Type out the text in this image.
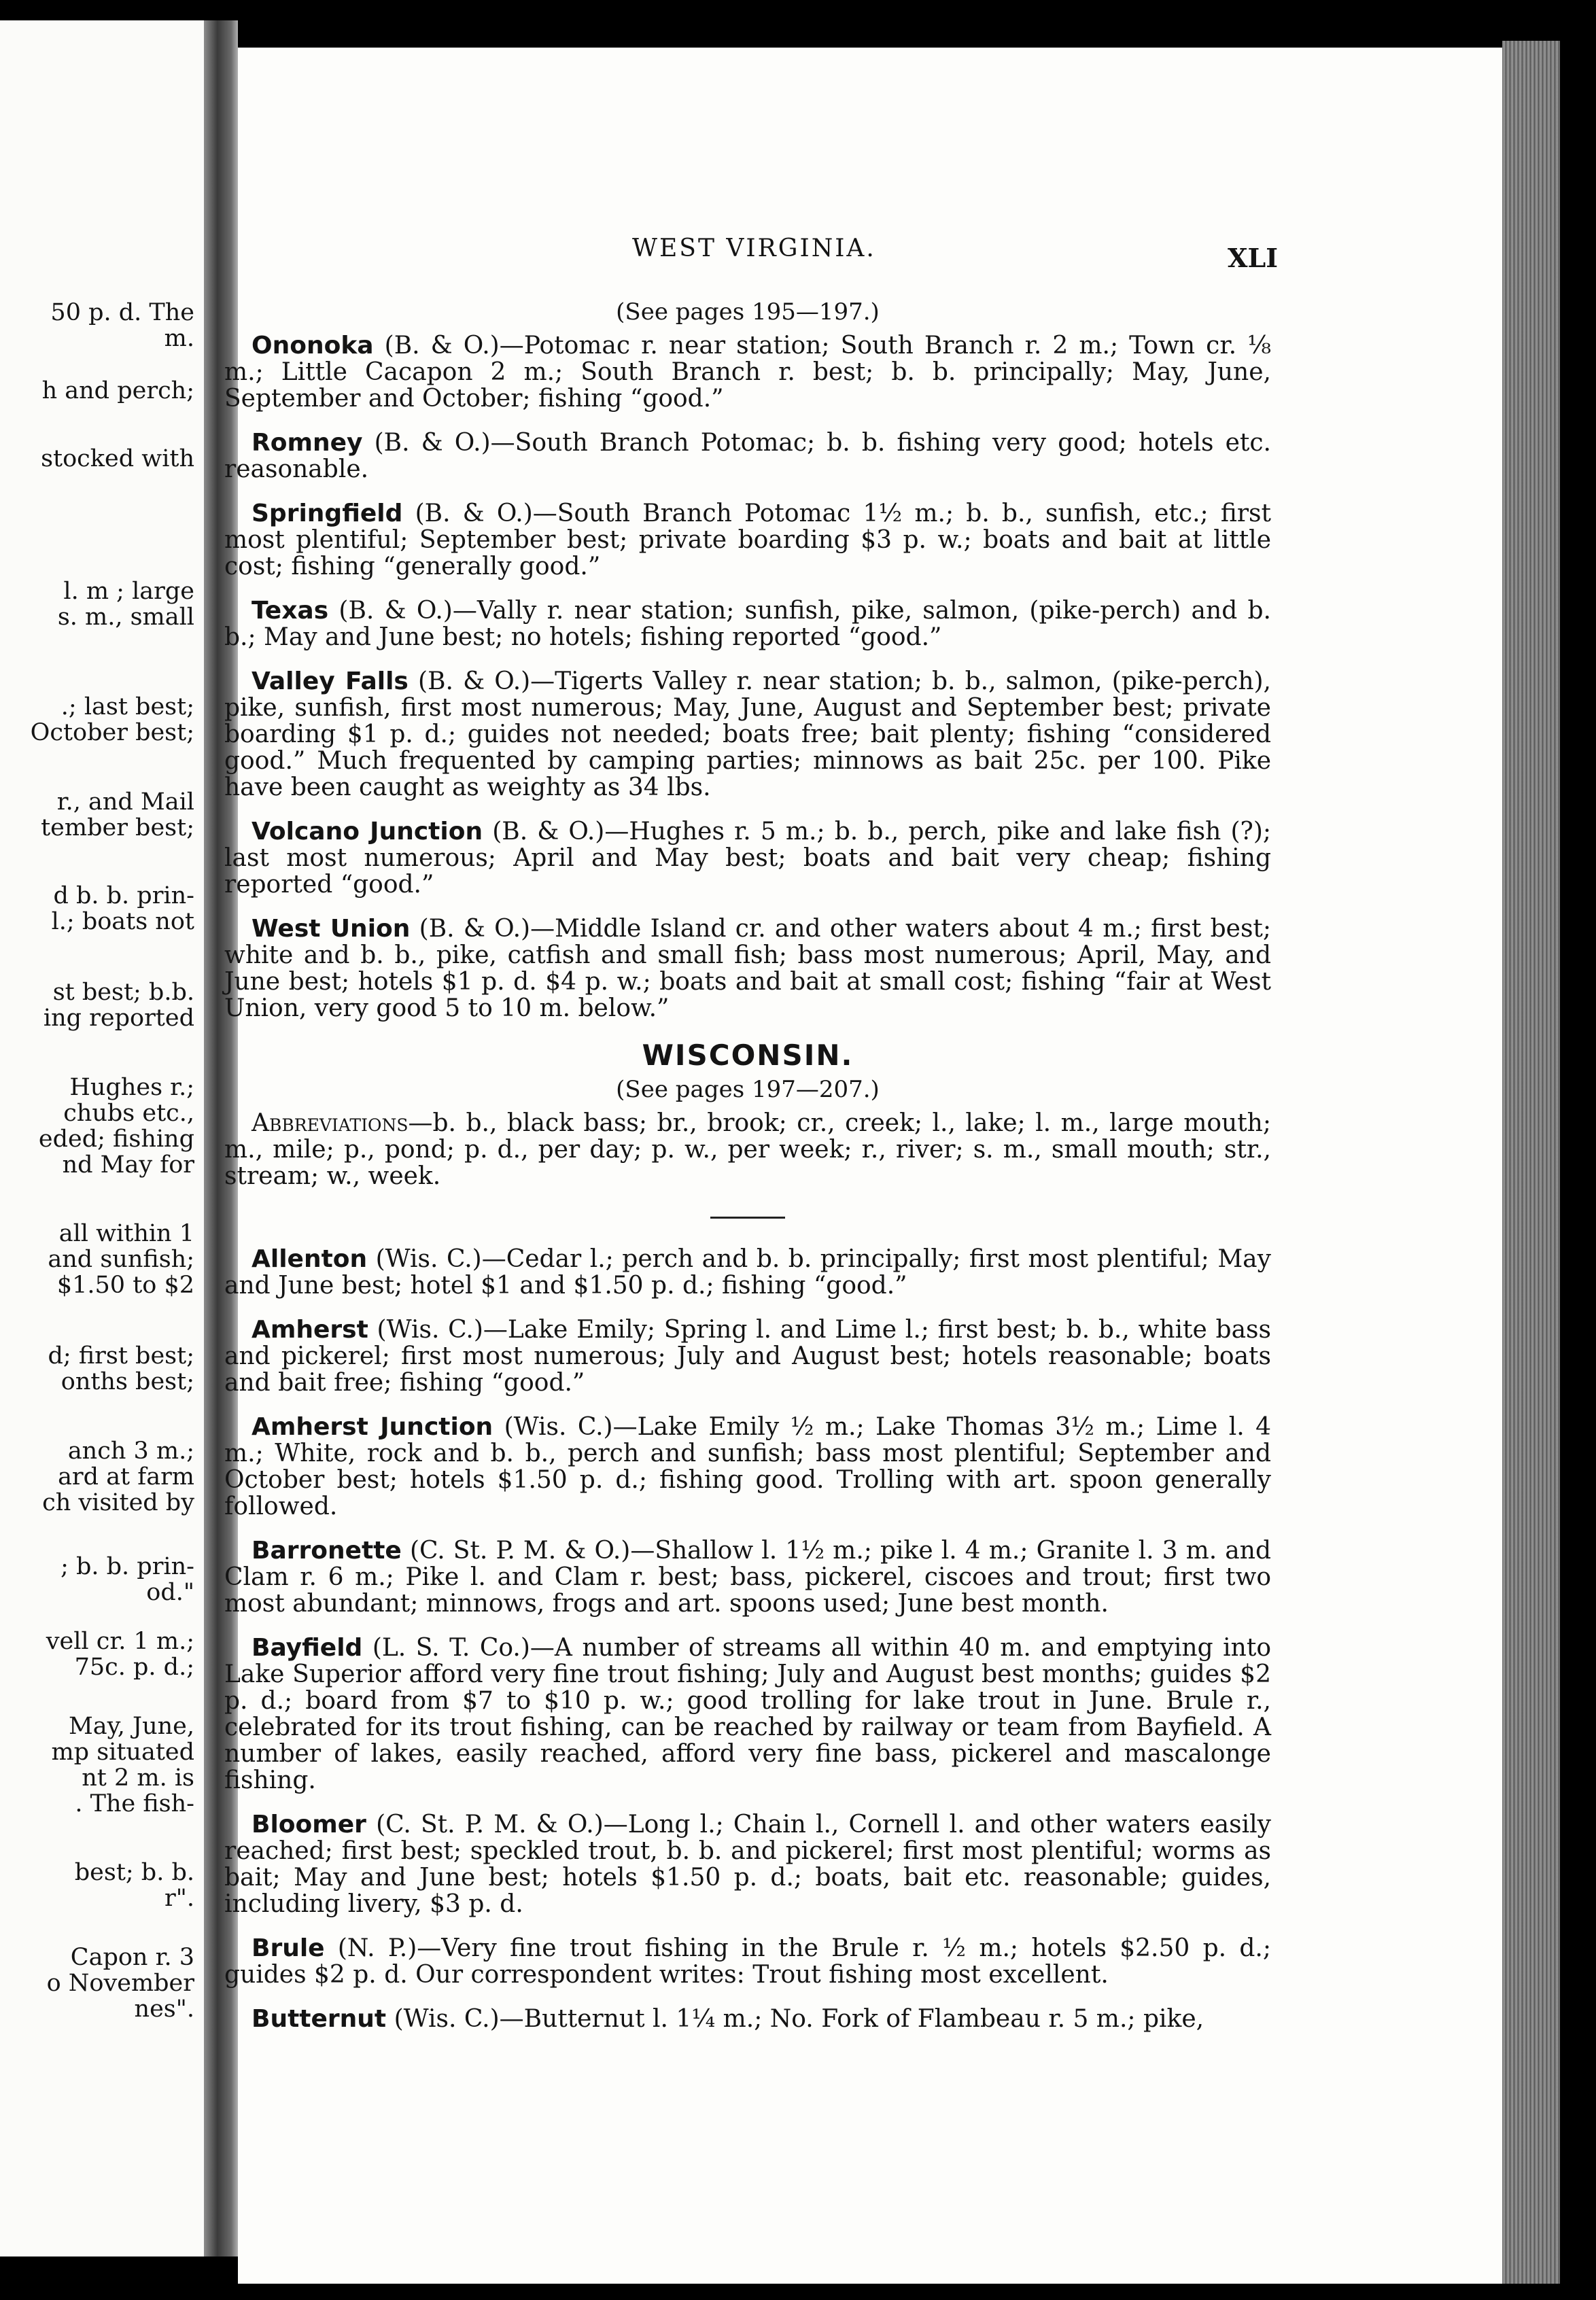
50 p. d. The
m.
h and perch;
stocked with
l. m ; large
s. m., small
.; last best;
October best;
r., and Mail
tember best;
d b. b. prin-
l.; boats not
st best; b.b.
ing reported
Hughes r.;
chubs etc.,
eded; fishing
nd May for
all within 1
and sunfish;
$1.50 to $2
d; first best;
onths best;
anch 3 m.;
ard at farm
ch visited by
; b. b. prin-
od."
vell cr. 1 m.;
75c. p. d.;
May, June,
mp situated
nt 2 m. is
. The fish-
best; b. b.
r".
Capon r. 3
o November
nes".
WEST VIRGINIA.	XLI
(See pages 195—197.)
Ononoka (B. & O.)—Potomac r. near station; South Branch r. 2 m.; Town cr. ⅛ m.; Little Cacapon 2 m.; South Branch r. best; b. b. principally; May, June, September and October; fishing “good.”
Romney (B. & O.)—South Branch Potomac; b. b. fishing very good; hotels etc. reasonable.
Springfield (B. & O.)—South Branch Potomac 1½ m.; b. b., sunfish, etc.; first most plentiful; September best; private boarding $3 p. w.; boats and bait at little cost; fishing “generally good.”
Texas (B. & O.)—Vally r. near station; sunfish, pike, salmon, (pike-perch) and b. b.; May and June best; no hotels; fishing reported “good.”
Valley Falls (B. & O.)—Tigerts Valley r. near station; b. b., salmon, (pike-perch), pike, sunfish, first most numerous; May, June, August and September best; private boarding $1 p. d.; guides not needed; boats free; bait plenty; fishing “considered good.” Much frequented by camping parties; minnows as bait 25c. per 100. Pike have been caught as weighty as 34 lbs.
Volcano Junction (B. & O.)—Hughes r. 5 m.; b. b., perch, pike and lake fish (?); last most numerous; April and May best; boats and bait very cheap; fishing reported “good.”
West Union (B. & O.)—Middle Island cr. and other waters about 4 m.; first best; white and b. b., pike, catfish and small fish; bass most numerous; April, May, and June best; hotels $1 p. d. $4 p. w.; boats and bait at small cost; fishing “fair at West Union, very good 5 to 10 m. below.”
WISCONSIN.
(See pages 197—207.)
Abbreviations—b. b., black bass; br., brook; cr., creek; l., lake; l. m., large mouth; m., mile; p., pond; p. d., per day; p. w., per week; r., river; s. m., small mouth; str., stream; w., week.
Allenton (Wis. C.)—Cedar l.; perch and b. b. principally; first most plentiful; May and June best; hotel $1 and $1.50 p. d.; fishing “good.”
Amherst (Wis. C.)—Lake Emily; Spring l. and Lime l.; first best; b. b., white bass and pickerel; first most numerous; July and August best; hotels reasonable; boats and bait free; fishing “good.”
Amherst Junction (Wis. C.)—Lake Emily ½ m.; Lake Thomas 3½ m.; Lime l. 4 m.; White, rock and b. b., perch and sunfish; bass most plentiful; September and October best; hotels $1.50 p. d.; fishing good. Trolling with art. spoon generally followed.
Barronette (C. St. P. M. & O.)—Shallow l. 1½ m.; pike l. 4 m.; Granite l. 3 m. and Clam r. 6 m.; Pike l. and Clam r. best; bass, pickerel, ciscoes and trout; first two most abundant; minnows, frogs and art. spoons used; June best month.
Bayfield (L. S. T. Co.)—A number of streams all within 40 m. and emptying into Lake Superior afford very fine trout fishing; July and August best months; guides $2 p. d.; board from $7 to $10 p. w.; good trolling for lake trout in June. Brule r., celebrated for its trout fishing, can be reached by railway or team from Bayfield. A number of lakes, easily reached, afford very fine bass, pickerel and mascalonge fishing.
Bloomer (C. St. P. M. & O.)—Long l.; Chain l., Cornell l. and other waters easily reached; first best; speckled trout, b. b. and pickerel; first most plentiful; worms as bait; May and June best; hotels $1.50 p. d.; boats, bait etc. reasonable; guides, including livery, $3 p. d.
Brule (N. P.)—Very fine trout fishing in the Brule r. ½ m.; hotels $2.50 p. d.; guides $2 p. d. Our correspondent writes: Trout fishing most excellent.
Butternut (Wis. C.)—Butternut l. 1¼ m.; No. Fork of Flambeau r. 5 m.; pike,
